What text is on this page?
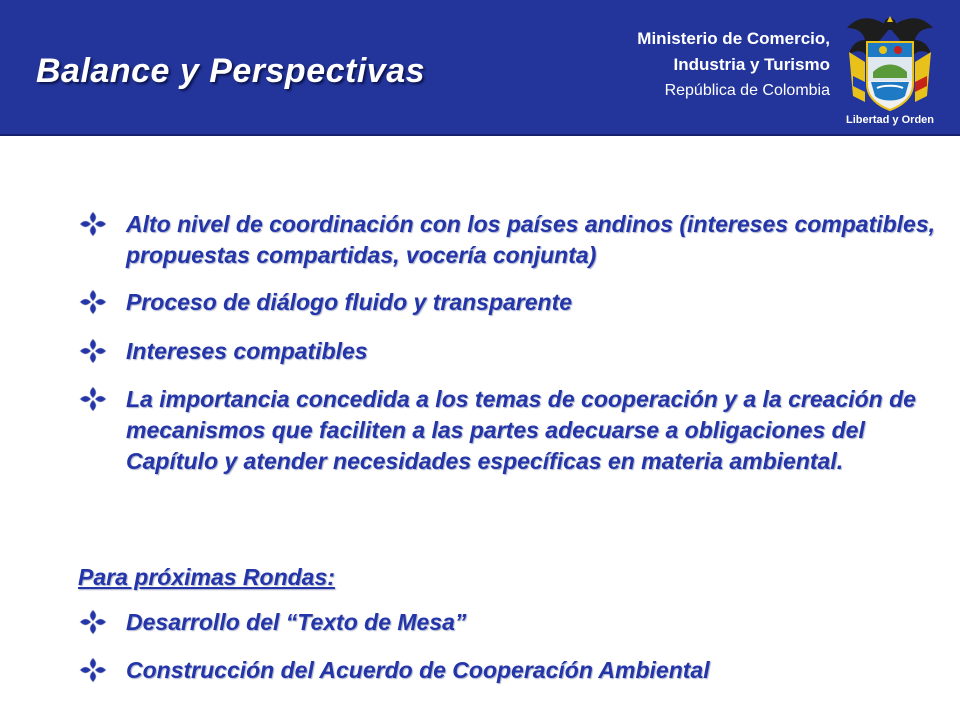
Balance y Perspectivas
Ministerio de Comercio,
Industria y Turismo
República de Colombia
Libertad y Orden
Alto nivel de coordinación con los países andinos (intereses compatibles, propuestas compartidas, vocería conjunta)
Proceso de diálogo fluido y transparente
Intereses compatibles
La importancia concedida a los temas de cooperación y a la creación de mecanismos que faciliten a las partes adecuarse a obligaciones del Capítulo y atender necesidades específicas en materia ambiental.
Para próximas Rondas:
Desarrollo del “Texto de Mesa”
Construcción del Acuerdo de Cooperacíón Ambiental
